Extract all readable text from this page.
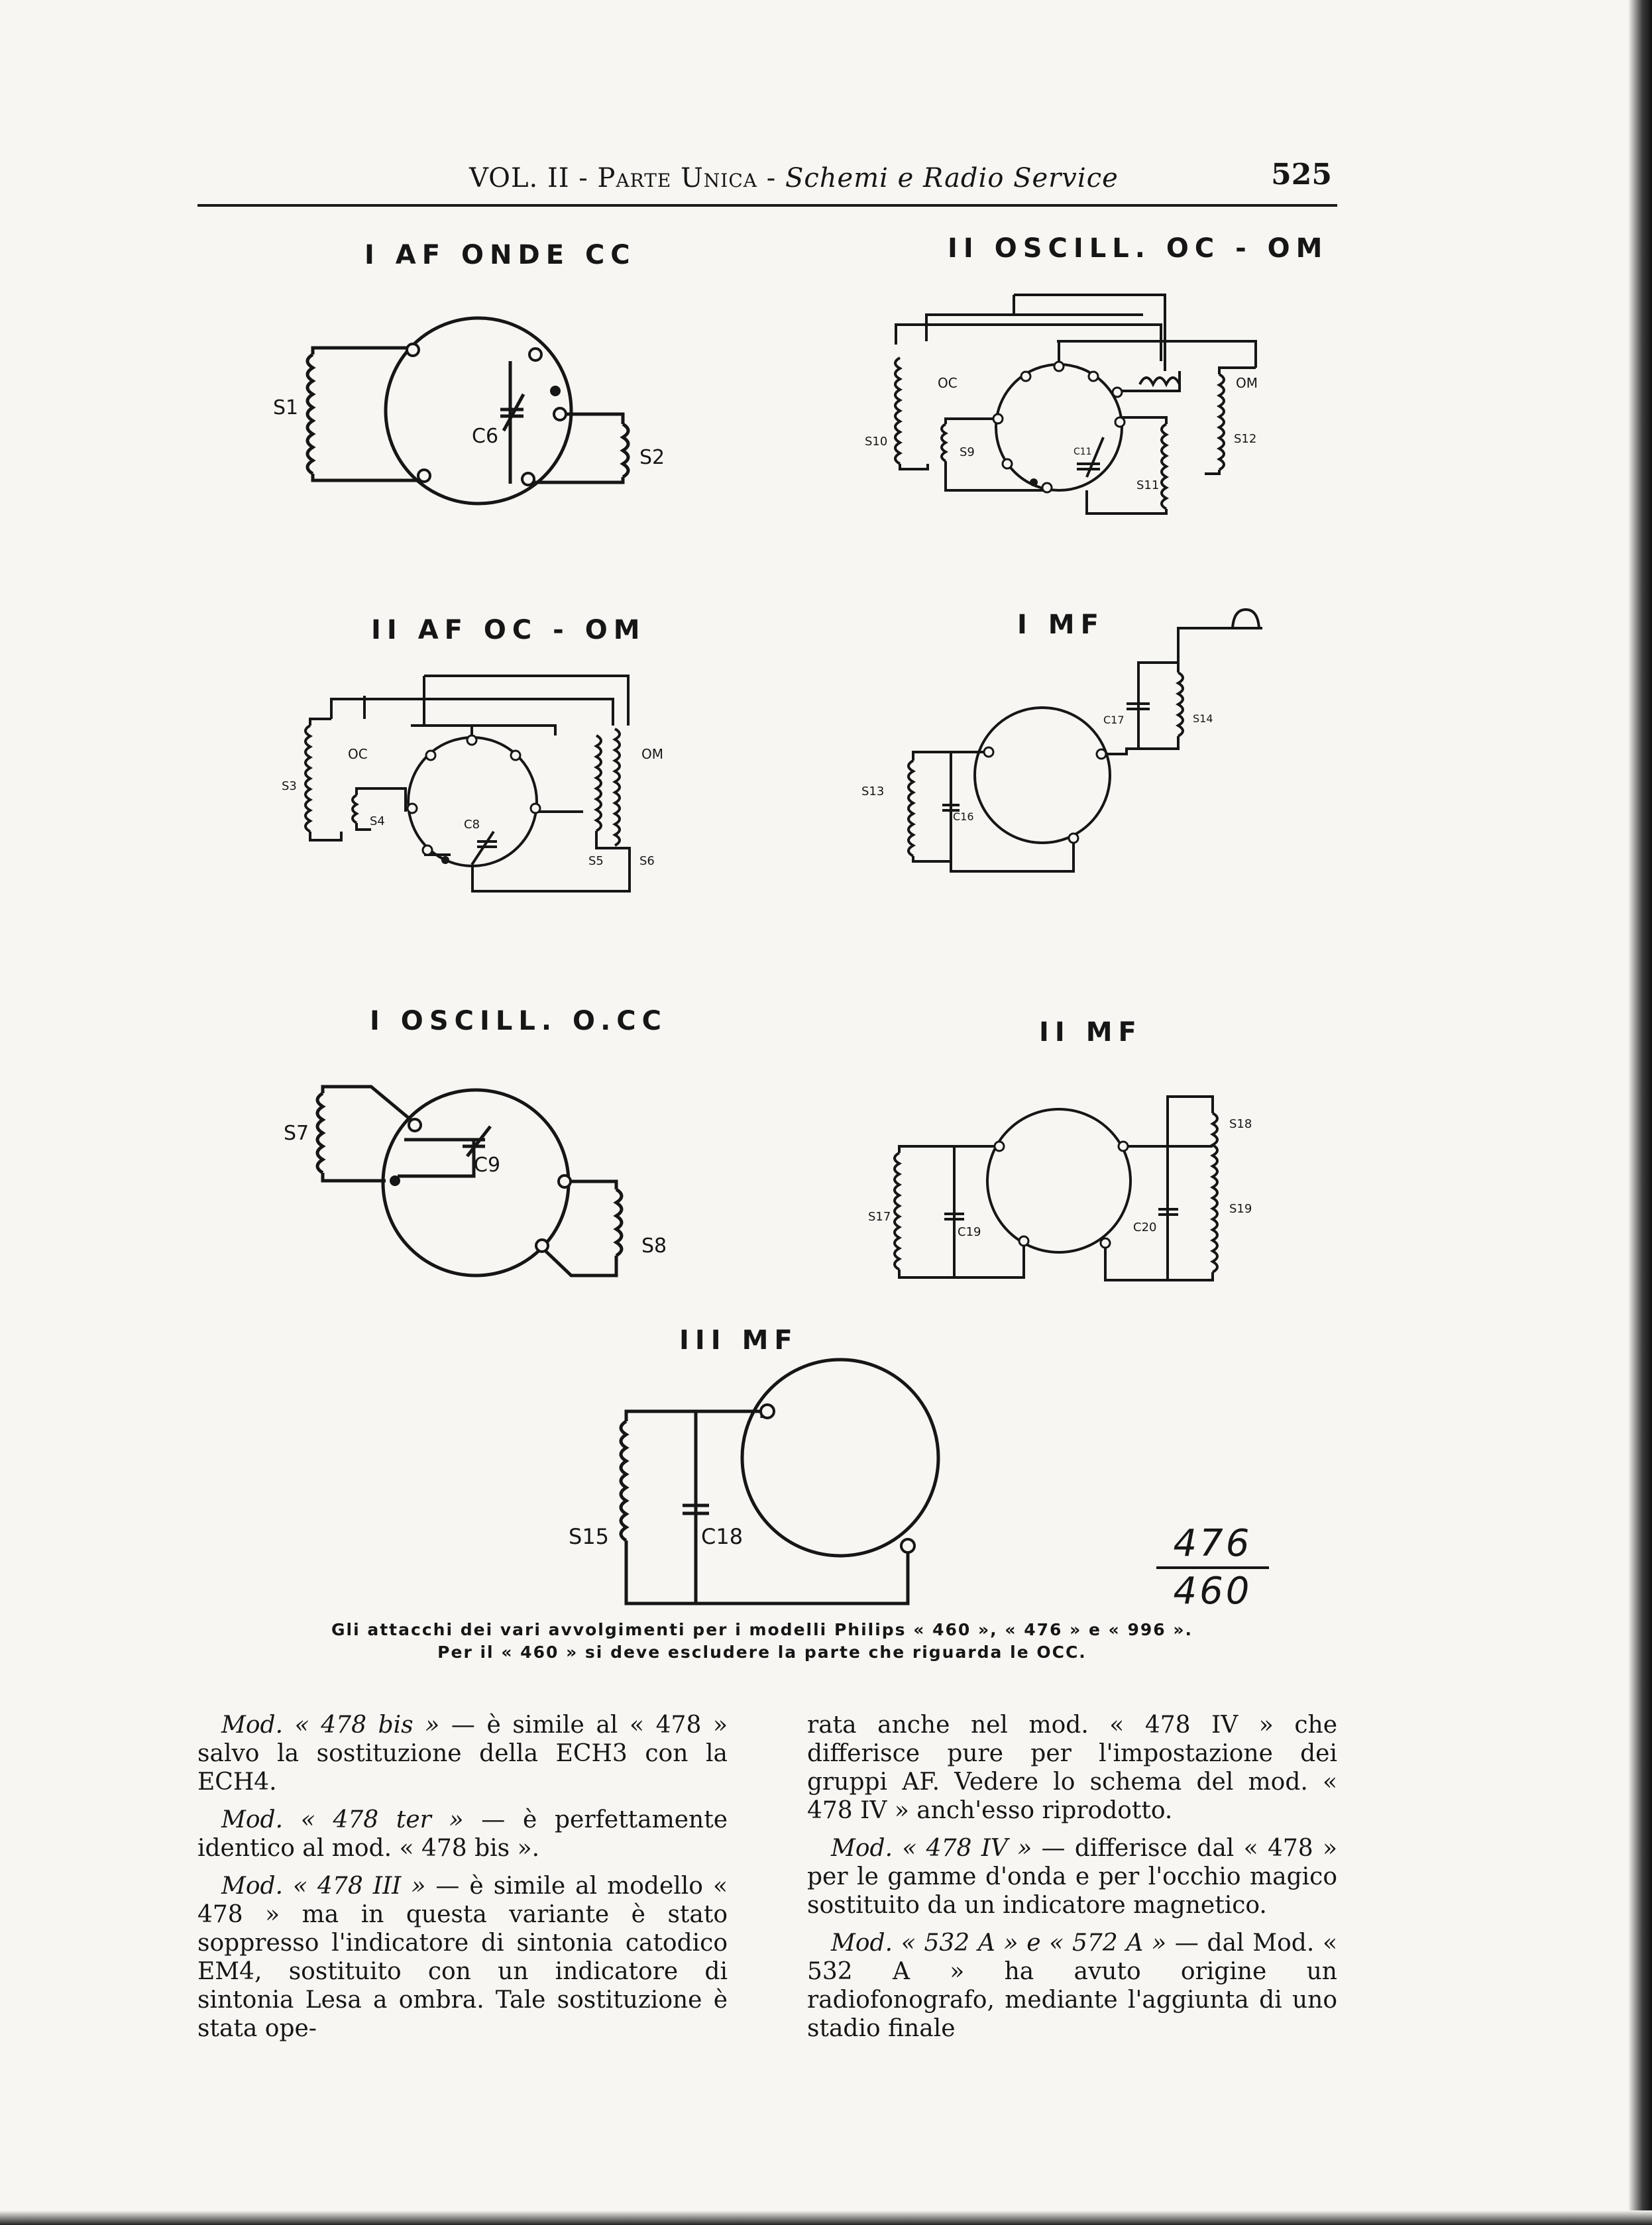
VOL. II - Parte Unica - Schemi e Radio Service	525
I AF ONDE CC
S1
S2
C6
II OSCILL. OC - OM
OC	OM
S10
S9
S11
S12
C11
II AF OC - OM
OC	OM
S3
S4
S5	S6
C8
I MF
S13
S14
C16
C17
I OSCILL. O.CC
S7
S8
C9
II MF
S17
S18
S19
C19	C20
III MF
S15	C18	476
460
Gli attacchi dei vari avvolgimenti per i modelli Philips « 460 », « 476 » e « 996 ».
Per il « 460 » si deve escludere la parte che riguarda le OCC.

Mod. « 478 bis » — è simile al « 478 » salvo la sostituzione della ECH3 con la ECH4.

Mod. « 478 ter » — è perfettamente identico al mod. « 478 bis ».

Mod. « 478 III » — è simile al modello « 478 » ma in questa variante è stato soppresso l'indicatore di sintonia catodico EM4, sostituito con un indicatore di sintonia Lesa a ombra. Tale sostituzione è stata ope-

rata anche nel mod. « 478 IV » che differisce pure per l'impostazione dei gruppi AF. Vedere lo schema del mod. « 478 IV » anch'esso riprodotto.

Mod. « 478 IV » — differisce dal « 478 » per le gamme d'onda e per l'occhio magico sostituito da un indicatore magnetico.

Mod. « 532 A » e « 572 A » — dal Mod. « 532 A » ha avuto origine un radiofonografo, mediante l'aggiunta di uno stadio finale
